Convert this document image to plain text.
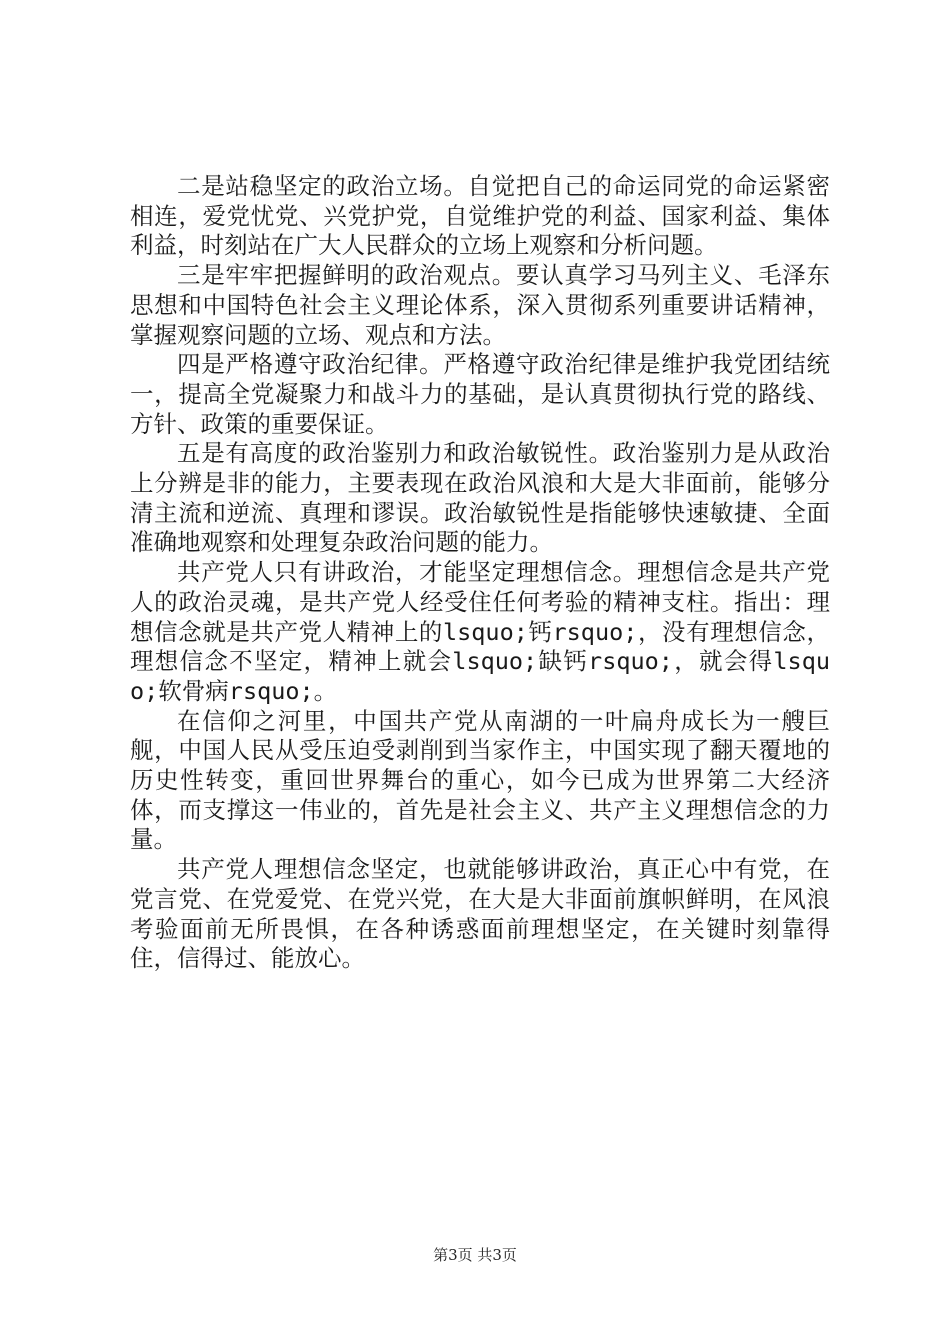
二是站稳坚定的政治立场。自觉把自己的命运同党的命运紧密相连，爱党忧党、兴党护党，自觉维护党的利益、国家利益、集体利益，时刻站在广大人民群众的立场上观察和分析问题。

三是牢牢把握鲜明的政治观点。要认真学习马列主义、毛泽东思想和中国特色社会主义理论体系，深入贯彻系列重要讲话精神，掌握观察问题的立场、观点和方法。

四是严格遵守政治纪律。严格遵守政治纪律是维护我党团结统一，提高全党凝聚力和战斗力的基础，是认真贯彻执行党的路线、方针、政策的重要保证。

五是有高度的政治鉴别力和政治敏锐性。政治鉴别力是从政治上分辨是非的能力，主要表现在政治风浪和大是大非面前，能够分清主流和逆流、真理和谬误。政治敏锐性是指能够快速敏捷、全面准确地观察和处理复杂政治问题的能力。

共产党人只有讲政治，才能坚定理想信念。理想信念是共产党人的政治灵魂，是共产党人经受住任何考验的精神支柱。指出：理想信念就是共产党人精神上的lsquo;钙rsquo;，没有理想信念，理想信念不坚定，精神上就会lsquo;缺钙rsquo;，就会得lsquo;软骨病rsquo;。

在信仰之河里，中国共产党从南湖的一叶扁舟成长为一艘巨舰，中国人民从受压迫受剥削到当家作主，中国实现了翻天覆地的历史性转变，重回世界舞台的重心，如今已成为世界第二大经济体，而支撑这一伟业的，首先是社会主义、共产主义理想信念的力量。

共产党人理想信念坚定，也就能够讲政治，真正心中有党，在党言党、在党爱党、在党兴党，在大是大非面前旗帜鲜明，在风浪考验面前无所畏惧，在各种诱惑面前理想坚定，在关键时刻靠得住，信得过、能放心。

第3页 共3页
